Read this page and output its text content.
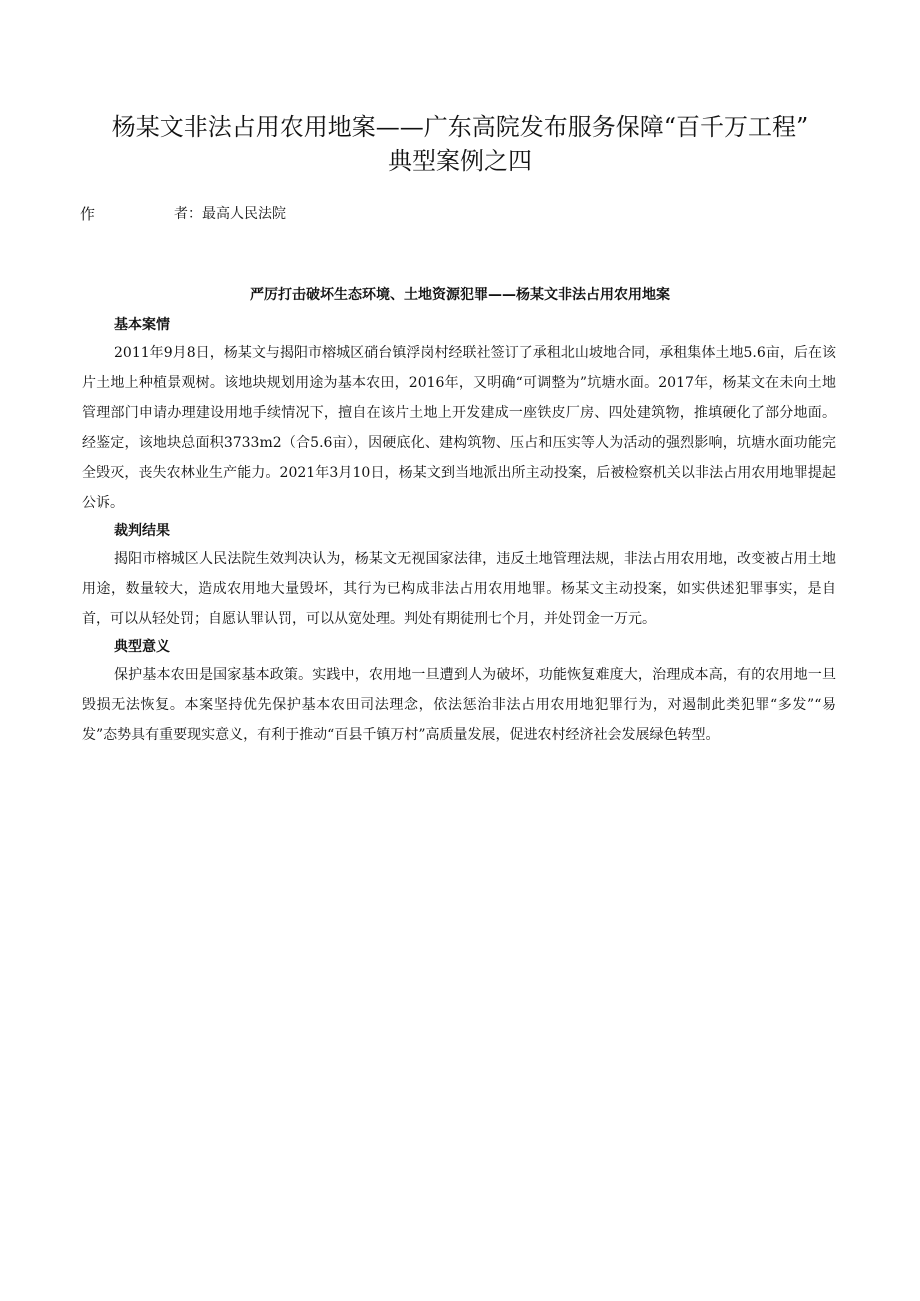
杨某文非法占用农用地案——广东高院发布服务保障“百千万工程”
典型案例之四
作	者：最高人民法院
严厉打击破坏生态环境、土地资源犯罪——杨某文非法占用农用地案
基本案情

2011年9月8日，杨某文与揭阳市榕城区硝台镇浮岗村经联社签订了承租北山坡地合同，承租集体土地5.6亩，后在该片土地上种植景观树。该地块规划用途为基本农田，2016年，又明确“可调整为”坑塘水面。2017年，杨某文在未向土地管理部门申请办理建设用地手续情况下，擅自在该片土地上开发建成一座铁皮厂房、四处建筑物，推填硬化了部分地面。经鉴定，该地块总面积3733m2（合5.6亩），因硬底化、建构筑物、压占和压实等人为活动的强烈影响，坑塘水面功能完全毁灭，丧失农林业生产能力。2021年3月10日，杨某文到当地派出所主动投案，后被检察机关以非法占用农用地罪提起公诉。

裁判结果

揭阳市榕城区人民法院生效判决认为，杨某文无视国家法律，违反土地管理法规，非法占用农用地，改变被占用土地用途，数量较大，造成农用地大量毁坏，其行为已构成非法占用农用地罪。杨某文主动投案，如实供述犯罪事实，是自首，可以从轻处罚；自愿认罪认罚，可以从宽处理。判处有期徒刑七个月，并处罚金一万元。

典型意义

保护基本农田是国家基本政策。实践中，农用地一旦遭到人为破坏，功能恢复难度大，治理成本高，有的农用地一旦毁损无法恢复。本案坚持优先保护基本农田司法理念，依法惩治非法占用农用地犯罪行为，对遏制此类犯罪“多发”“易发”态势具有重要现实意义，有利于推动“百县千镇万村”高质量发展，促进农村经济社会发展绿色转型。
